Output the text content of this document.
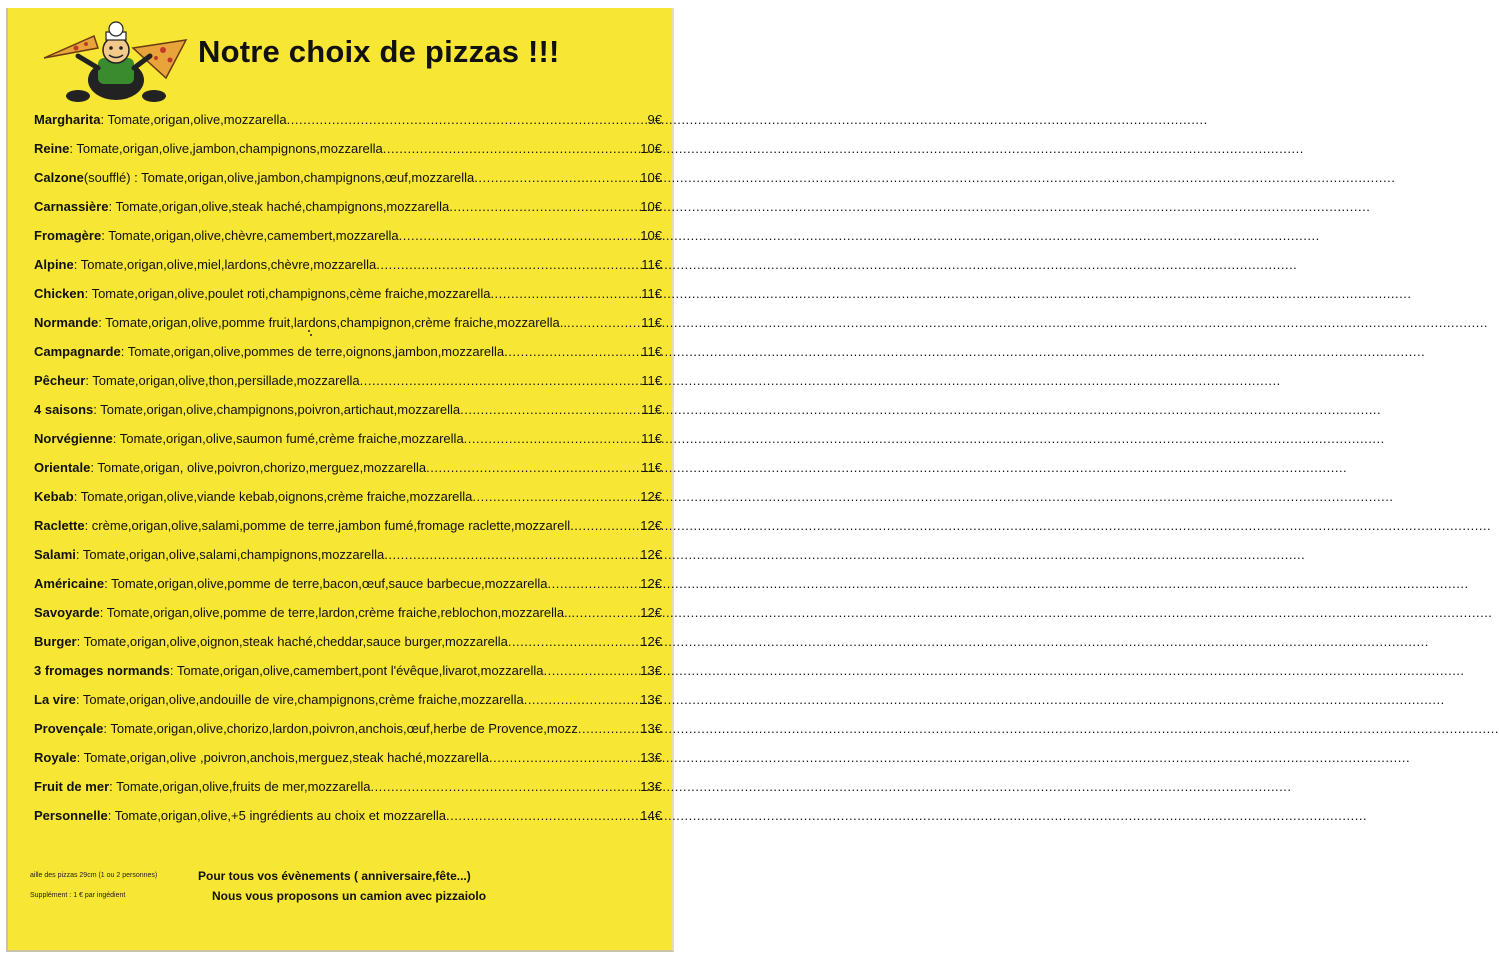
Notre choix de pizzas !!!
Margharita : Tomate,origan,olive,mozzarella .....	9€
Reine : Tomate,origan,olive,jambon,champignons,mozzarella .....	10€
Calzone (soufflé) : Tomate,origan,olive,jambon,champignons,œuf,mozzarella .....	10€
Carnassière : Tomate,origan,olive,steak haché,champignons,mozzarella .....	10€
Fromagère : Tomate,origan,olive,chèvre,camembert,mozzarella .....	10€
Alpine : Tomate,origan,olive,miel,lardons,chèvre,mozzarella .....	11€
Chicken : Tomate,origan,olive,poulet roti,champignons,cème fraiche,mozzarella .....	11€
Normande : Tomate,origan,olive,pomme fruit,lardons,champignon,crème fraiche,mozzarella.. .....	11€
Campagnarde : Tomate,origan,olive,pommes de terre,oignons,jambon,mozzarella .....	11€
Pêcheur : Tomate,origan,olive,thon,persillade,mozzarella .....	11€
4 saisons : Tomate,origan,olive,champignons,poivron,artichaut,mozzarella .....	11€
Norvégienne : Tomate,origan,olive,saumon fumé,crème fraiche,mozzarella .....	11€
Orientale : Tomate,origan, olive,poivron,chorizo,merguez,mozzarella .....	11€
Kebab : Tomate,origan,olive,viande kebab,oignons,crème fraiche,mozzarella .....	12€
Raclette : crème,origan,olive,salami,pomme de terre,jambon fumé,fromage raclette,mozzarell .....	12€
Salami : Tomate,origan,olive,salami,champignons,mozzarella .....	12€
Américaine : Tomate,origan,olive,pomme de terre,bacon,œuf,sauce barbecue,mozzarella .....	12€
Savoyarde : Tomate,origan,olive,pomme de terre,lardon,crème fraiche,reblochon,mozzarella.. .....	12€
Burger : Tomate,origan,olive,oignon,steak haché,cheddar,sauce burger,mozzarella .....	12€
3 fromages normands : Tomate,origan,olive,camembert,pont l'évêque,livarot,mozzarella .....	13€
La vire : Tomate,origan,olive,andouille de vire,champignons,crème fraiche,mozzarella .....	13€
Provençale : Tomate,origan,olive,chorizo,lardon,poivron,anchois,œuf,herbe de Provence,mozz .....	13€
Royale : Tomate,origan,olive ,poivron,anchois,merguez,steak haché,mozzarella .....	13€
Fruit de mer : Tomate,origan,olive,fruits de mer,mozzarella .....	13€
Personnelle : Tomate,origan,olive,+5 ingrédients au choix et mozzarella .....	14€
aille des pizzas 29cm (1 ou 2 personnes)
Supplément : 1 € par ingédient
Pour tous vos évènements ( anniversaire,fête...)
Nous vous proposons un camion avec pizzaiolo
